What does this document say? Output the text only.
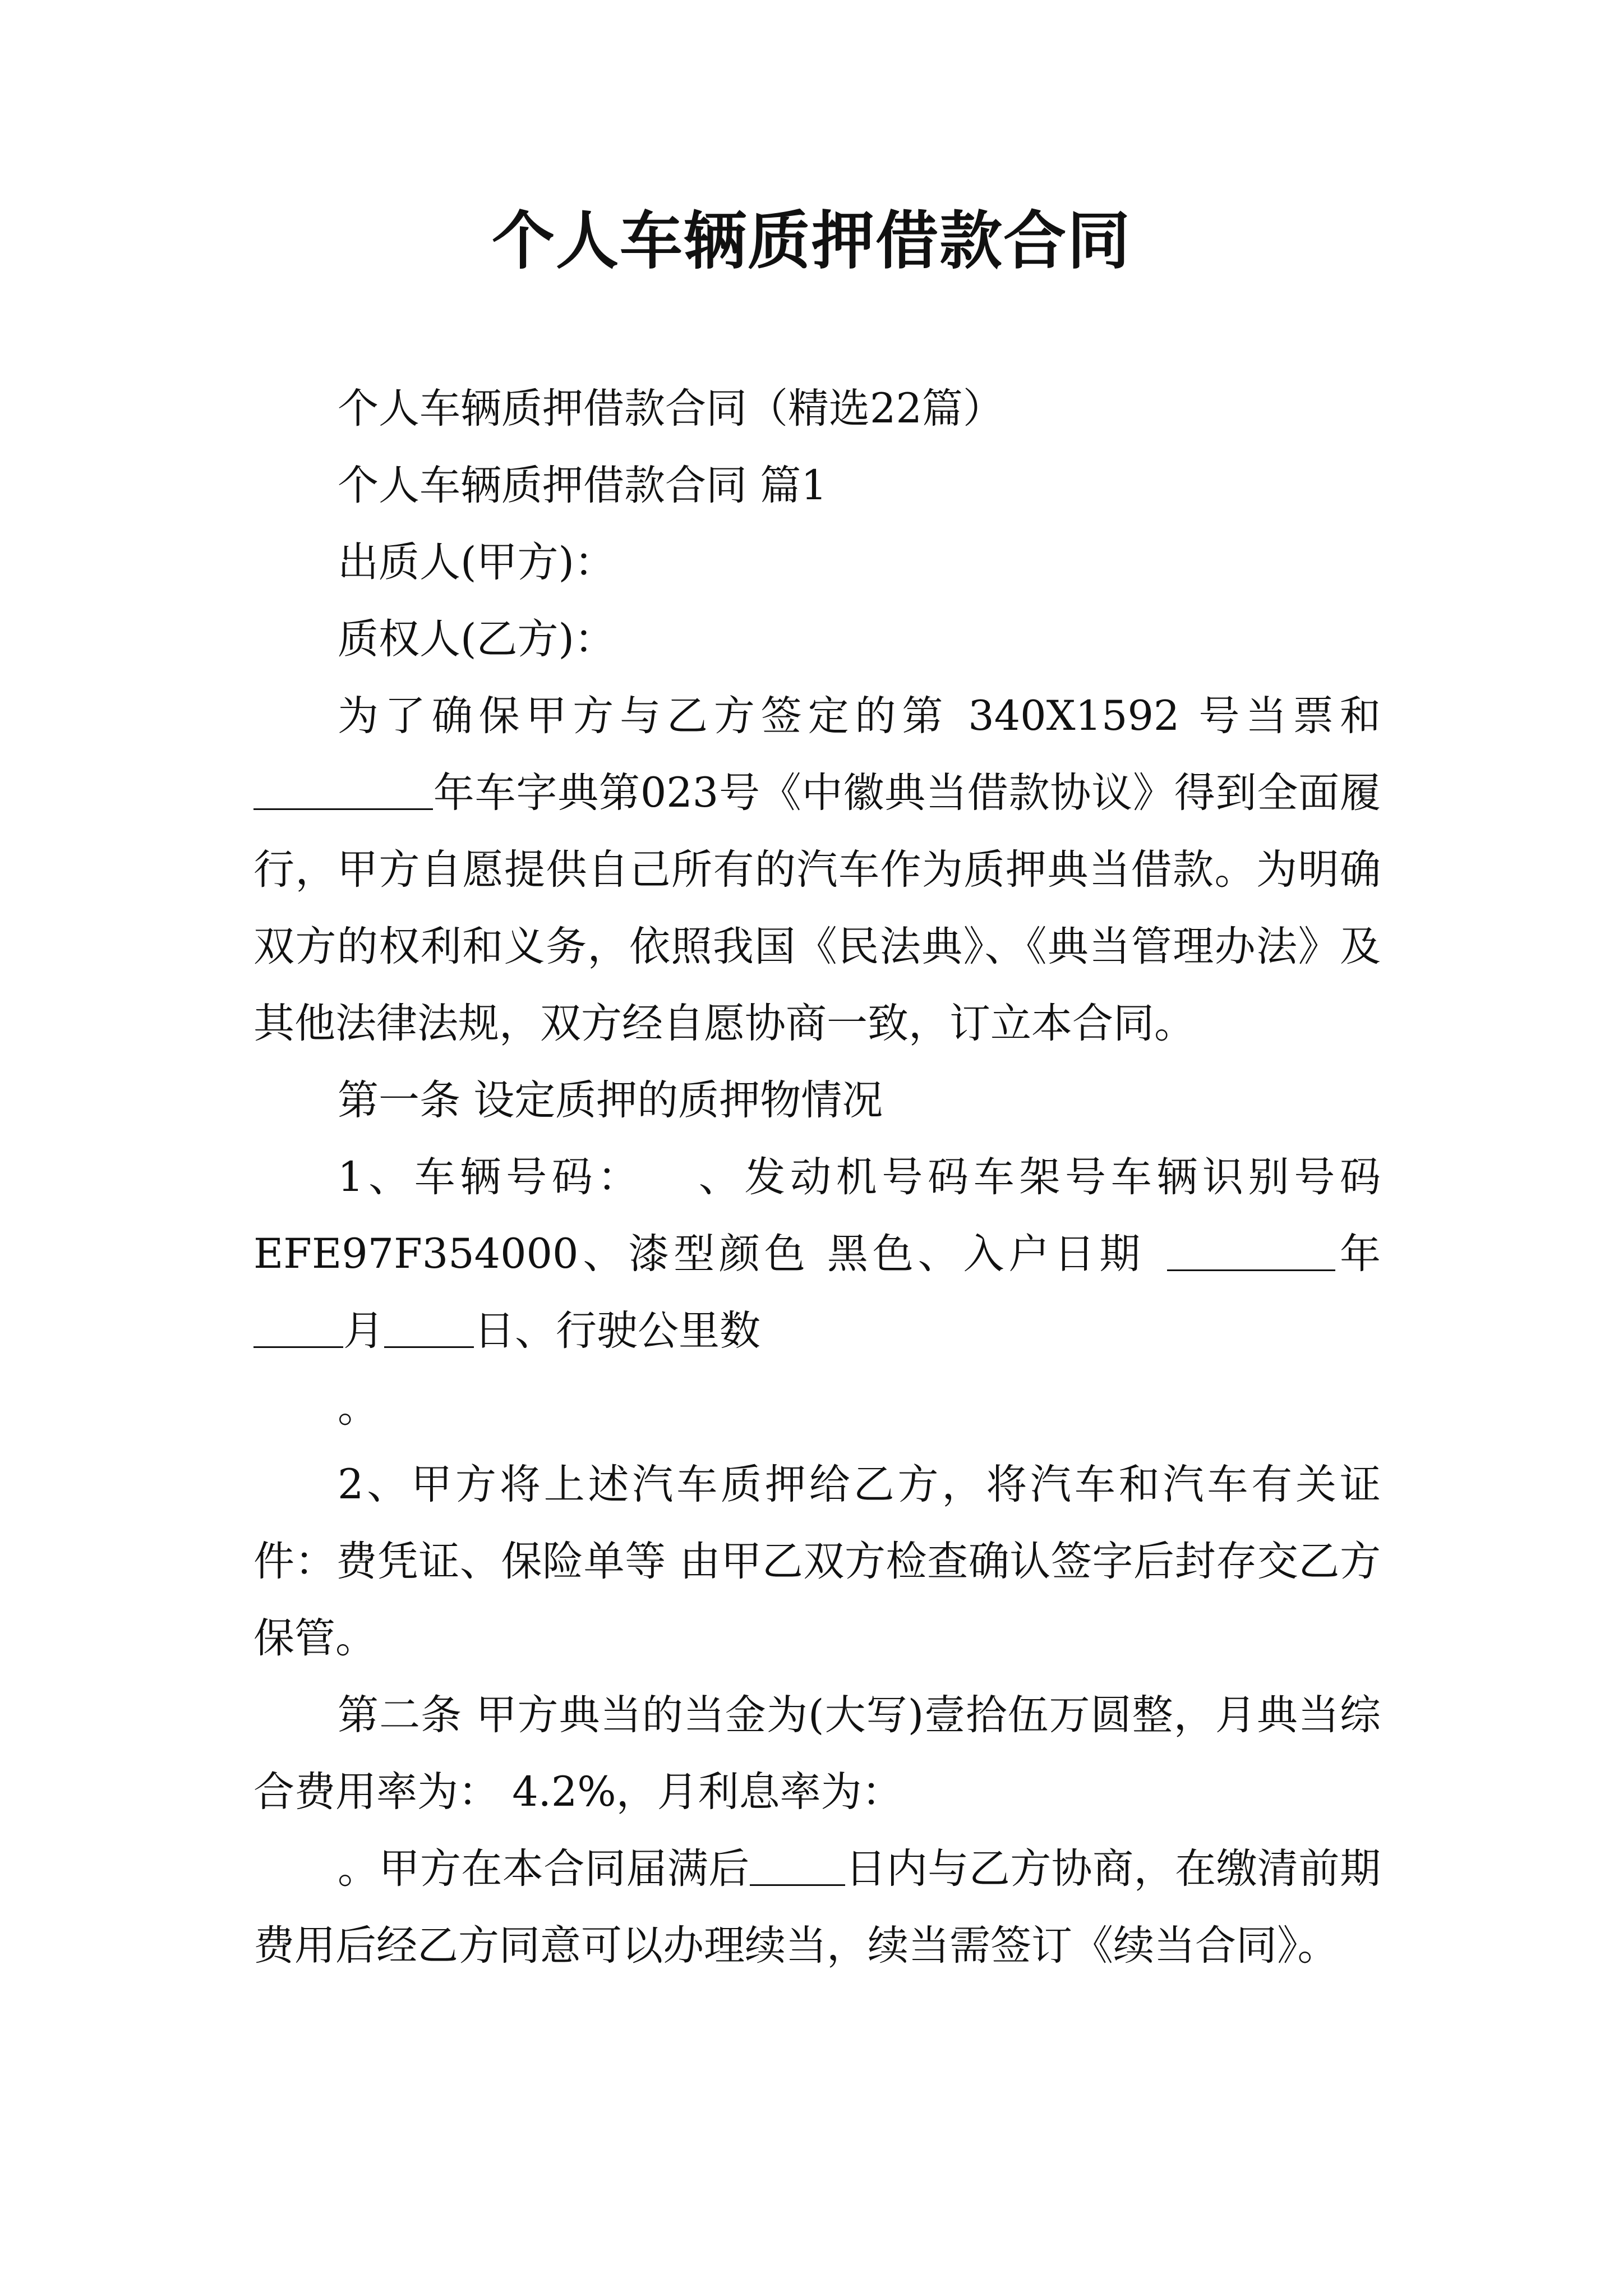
个人车辆质押借款合同

个人车辆质押借款合同（精选22篇）

个人车辆质押借款合同 篇1

出质人(甲方)：

质权人(乙方)：

为了确保甲方与乙方签定的第 340X1592 号当票和年车字典第023号《中徽典当借款协议》得到全面履行，甲方自愿提供自己所有的汽车作为质押典当借款。为明确双方的权利和义务，依照我国《民法典》、《典当管理办法》及其他法律法规，双方经自愿协商一致，订立本合同。

第一条 设定质押的质押物情况

1、车辆号码： 、发动机号码车架号车辆识别号码EFE97F354000、漆型颜色 黑色、入户日期	年月 日、行驶公里数

。

2、甲方将上述汽车质押给乙方，将汽车和汽车有关证件：费凭证、保险单等 由甲乙双方检查确认签字后封存交乙方保管。

第二条 甲方典当的当金为(大写)壹拾伍万圆整，月典当综合费用率为： 4.2%，月利息率为：

。甲方在本合同届满后 日内与乙方协商，在缴清前期费用后经乙方同意可以办理续当，续当需签订《续当合同》。
